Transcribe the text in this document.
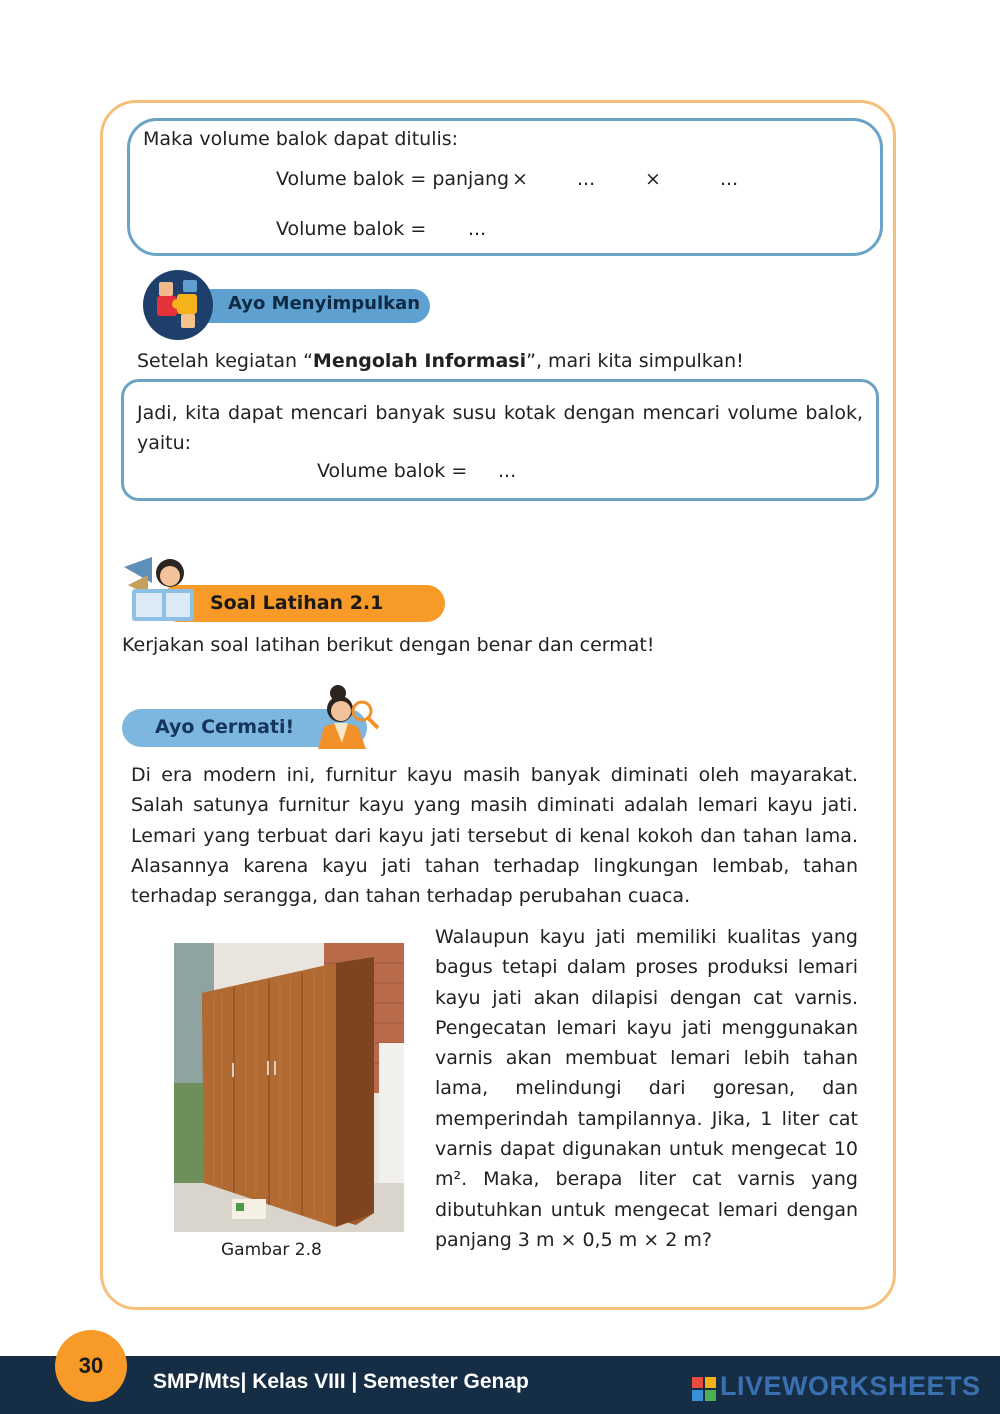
Maka volume balok dapat ditulis:
Volume balok = panjang ×	...	×	...
Volume balok = ...
Ayo Menyimpulkan
Setelah kegiatan “Mengolah Informasi”, mari kita simpulkan!
Jadi, kita dapat mencari banyak susu kotak dengan mencari volume balok, yaitu:
Volume balok = ...
Soal Latihan 2.1
Kerjakan soal latihan berikut dengan benar dan cermat!
Ayo Cermati!
Di era modern ini, furnitur kayu masih banyak diminati oleh mayarakat. Salah satunya furnitur kayu yang masih diminati adalah lemari kayu jati. Lemari yang terbuat dari kayu jati tersebut di kenal kokoh dan tahan lama. Alasannya karena kayu jati tahan terhadap lingkungan lembab, tahan terhadap serangga, dan tahan terhadap perubahan cuaca.
Gambar 2.8
Walaupun kayu jati memiliki kualitas yang bagus tetapi dalam proses produksi lemari kayu jati akan dilapisi dengan cat varnis. Pengecatan lemari kayu jati menggunakan varnis akan membuat lemari lebih tahan lama, melindungi dari goresan, dan memperindah tampilannya. Jika, 1 liter cat varnis dapat digunakan untuk mengecat 10 m². Maka, berapa liter cat varnis yang dibutuhkan untuk mengecat lemari dengan panjang 3 m × 0,5 m × 2 m?
30
SMP/Mts| Kelas VIII | Semester Genap	LIVEWORKSHEETS
